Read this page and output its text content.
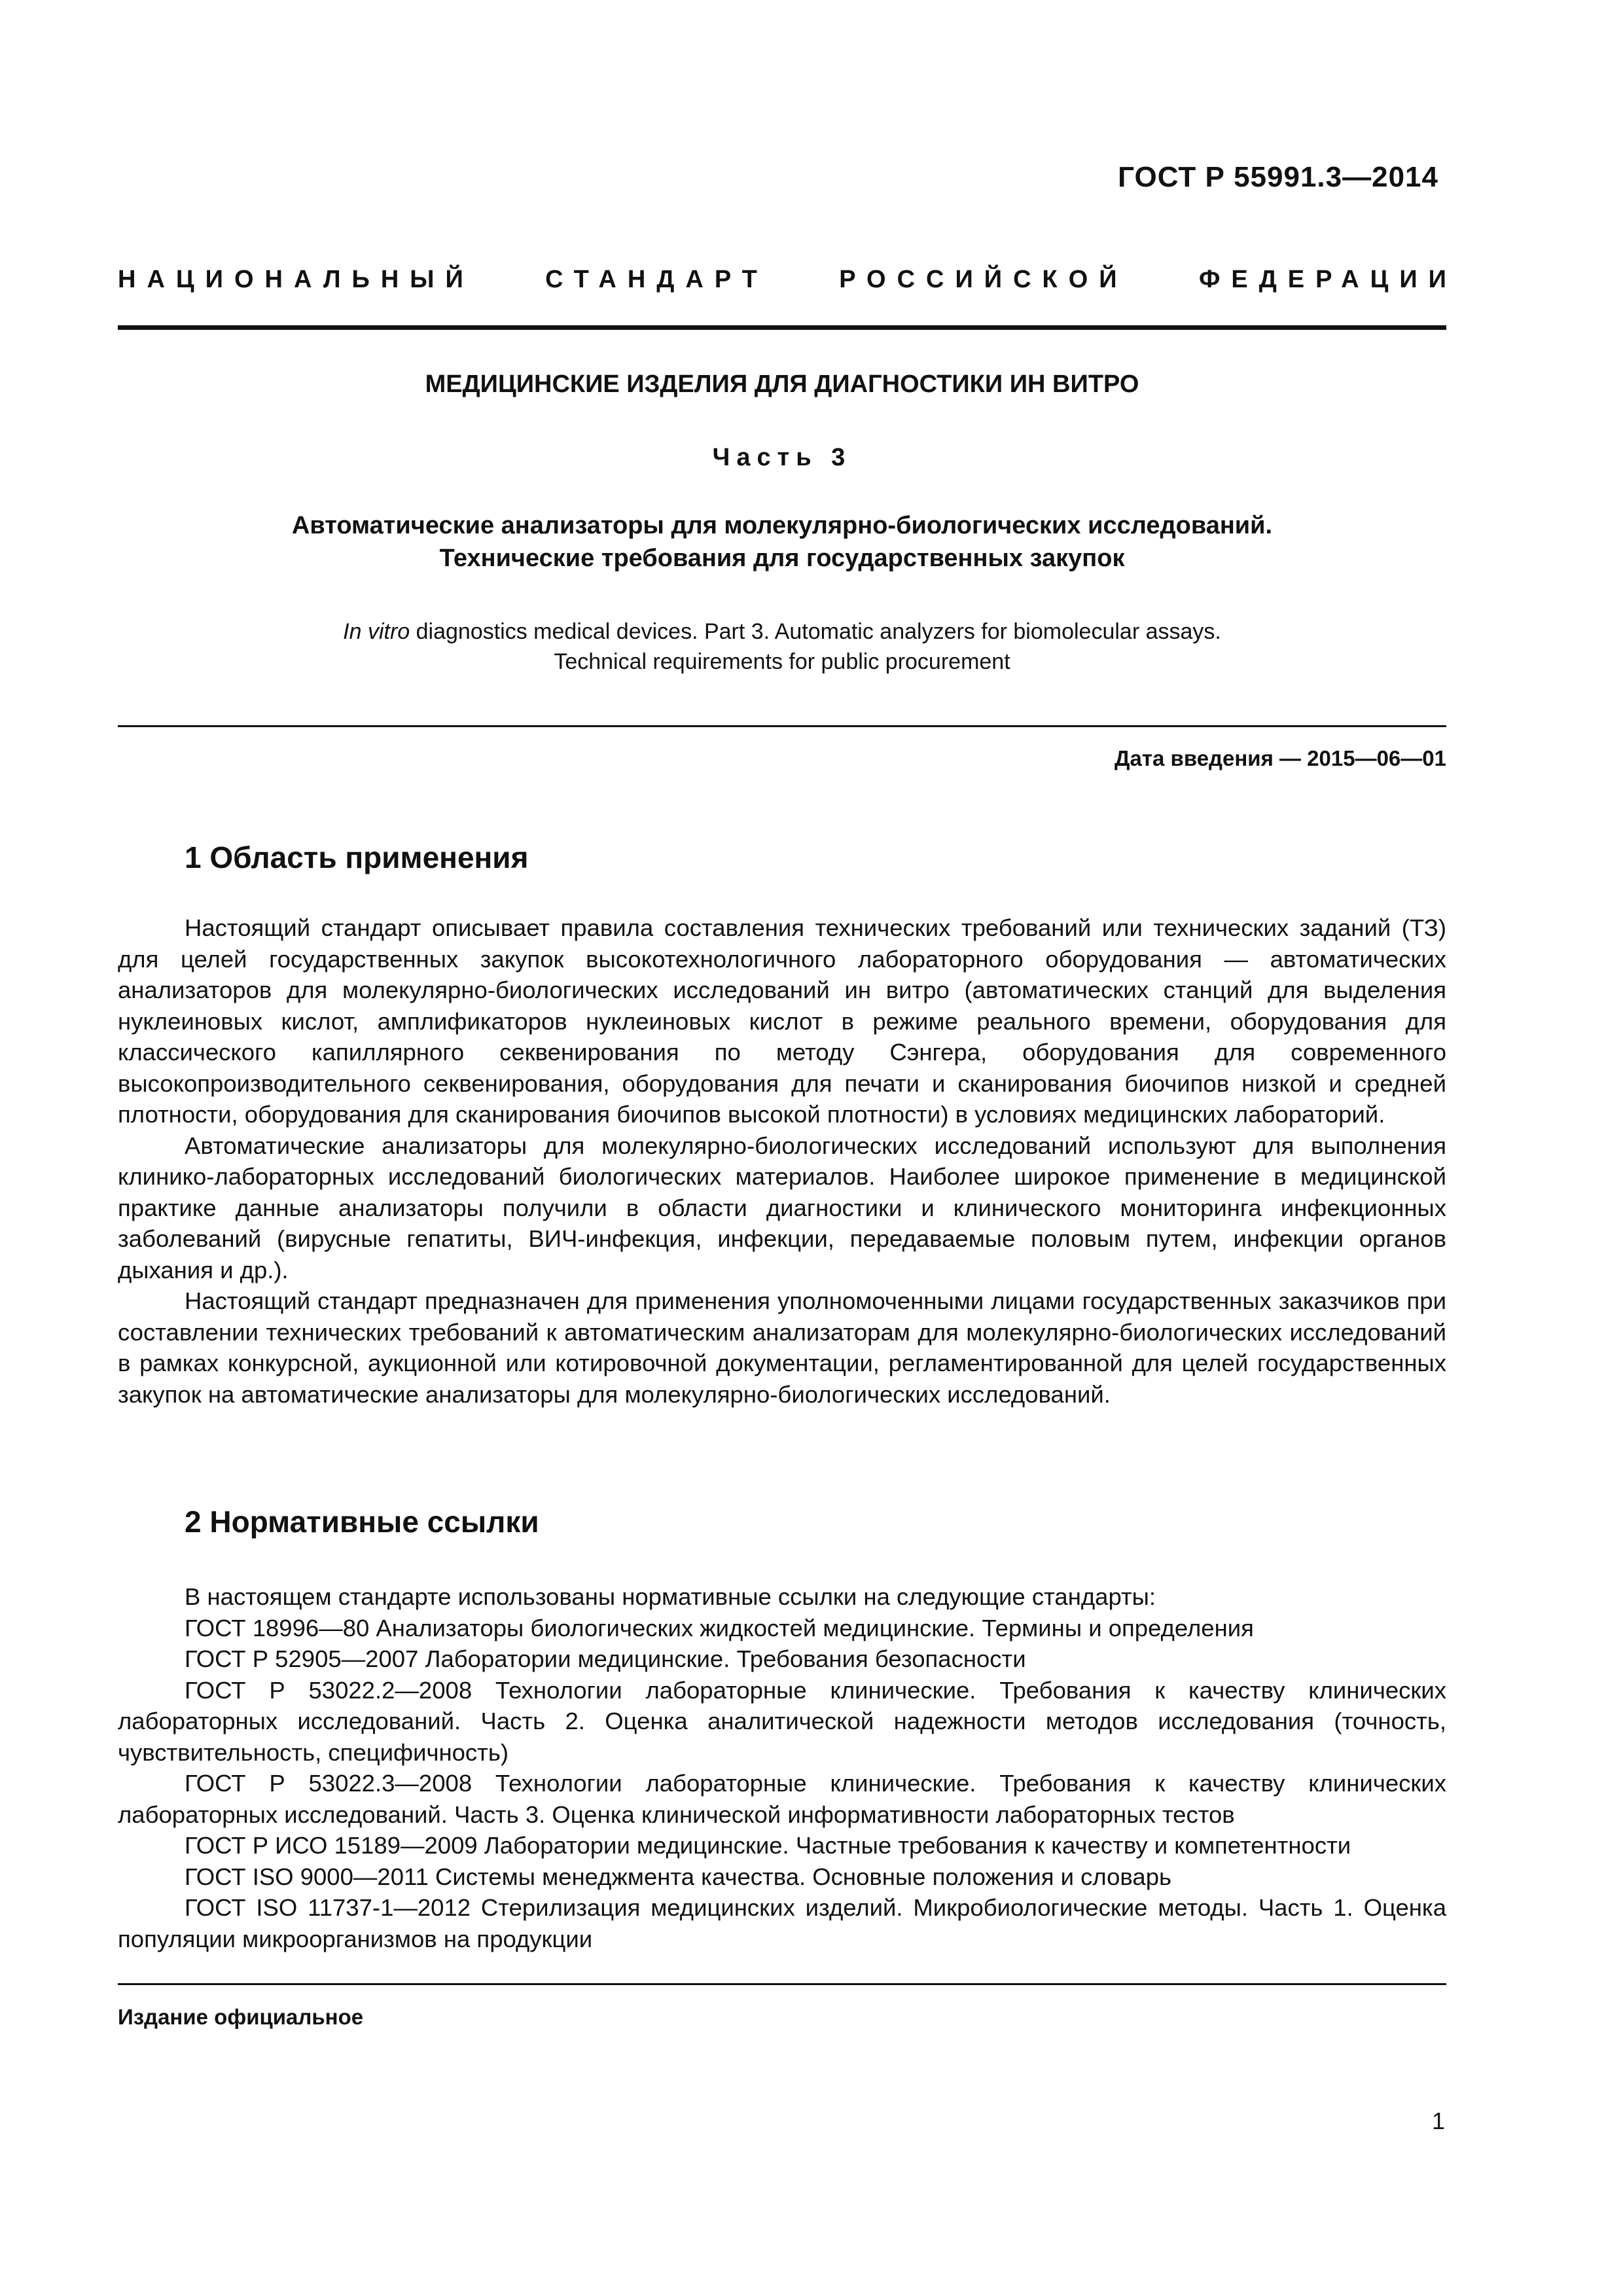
ГОСТ Р 55991.3—2014
НАЦИОНАЛЬНЫЙ	СТАНДАРТ	РОССИЙСКОЙ	ФЕДЕРАЦИИ
МЕДИЦИНСКИЕ ИЗДЕЛИЯ ДЛЯ ДИАГНОСТИКИ ИН ВИТРО
Часть 3
Автоматические анализаторы для молекулярно-биологических исследований.
Технические требования для государственных закупок
In vitro diagnostics medical devices. Part 3. Automatic analyzers for biomolecular assays.
Technical requirements for public procurement
Дата введения — 2015—06—01
1 Область применения

Настоящий стандарт описывает правила составления технических требований или технических заданий (ТЗ) для целей государственных закупок высокотехнологичного лабораторного оборудования — автоматических анализаторов для молекулярно-биологических исследований ин витро (автоматических станций для выделения нуклеиновых кислот, амплификаторов нуклеиновых кислот в режиме реального времени, оборудования для классического капиллярного секвенирования по методу Сэнгера, оборудования для современного высокопроизводительного секвенирования, оборудования для печати и сканирования биочипов низкой и средней плотности, оборудования для сканирования биочипов высокой плотности) в условиях медицинских лабораторий.

Автоматические анализаторы для молекулярно-биологических исследований используют для выполнения клинико-лабораторных исследований биологических материалов. Наиболее широкое применение в медицинской практике данные анализаторы получили в области диагностики и клинического мониторинга инфекционных заболеваний (вирусные гепатиты, ВИЧ-инфекция, инфекции, передаваемые половым путем, инфекции органов дыхания и др.).

Настоящий стандарт предназначен для применения уполномоченными лицами государственных заказчиков при составлении технических требований к автоматическим анализаторам для молекулярно-биологических исследований в рамках конкурсной, аукционной или котировочной документации, регламентированной для целей государственных закупок на автоматические анализаторы для молекулярно-биологических исследований.

2 Нормативные ссылки

В настоящем стандарте использованы нормативные ссылки на следующие стандарты:

ГОСТ 18996—80 Анализаторы биологических жидкостей медицинские. Термины и определения

ГОСТ Р 52905—2007 Лаборатории медицинские. Требования безопасности

ГОСТ Р 53022.2—2008 Технологии лабораторные клинические. Требования к качеству клинических лабораторных исследований. Часть 2. Оценка аналитической надежности методов исследования (точность, чувствительность, специфичность)

ГОСТ Р 53022.3—2008 Технологии лабораторные клинические. Требования к качеству клинических лабораторных исследований. Часть 3. Оценка клинической информативности лабораторных тестов

ГОСТ Р ИСО 15189—2009 Лаборатории медицинские. Частные требования к качеству и компетентности

ГОСТ ISO 9000—2011 Системы менеджмента качества. Основные положения и словарь

ГОСТ ISO 11737-1—2012 Стерилизация медицинских изделий. Микробиологические методы. Часть 1. Оценка популяции микроорганизмов на продукции

Издание официальное
1
